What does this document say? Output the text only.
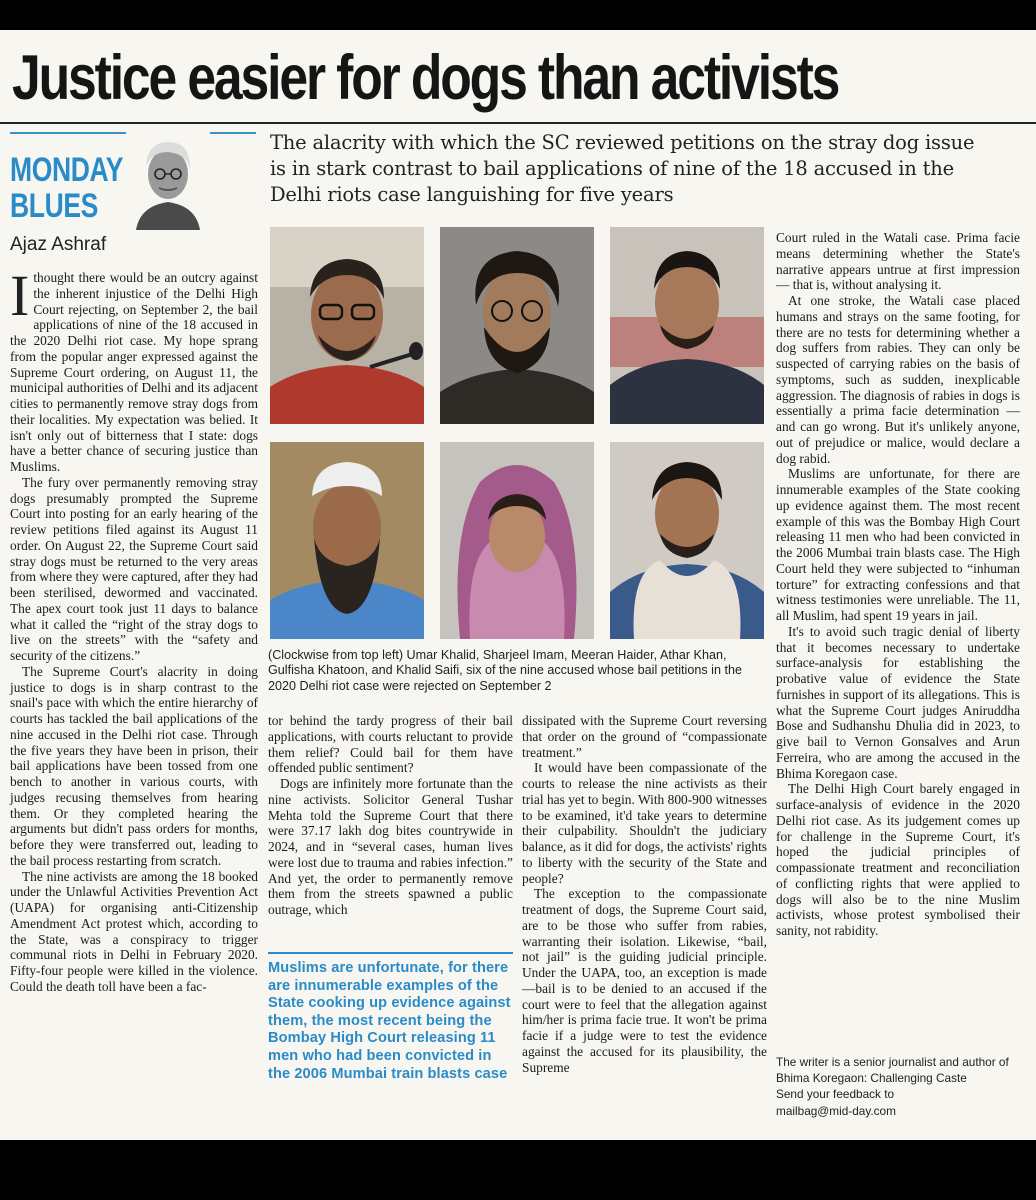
Justice easier for dogs than activists
MONDAY BLUES
Ajaz Ashraf
The alacrity with which the SC reviewed petitions on the stray dog issue is in stark contrast to bail applications of nine of the 18 accused in the Delhi riots case languishing for five years

Ithought there would be an outcry against the inherent injustice of the Delhi High Court rejecting, on September 2, the bail applications of nine of the 18 accused in the 2020 Delhi riot case. My hope sprang from the popular anger expressed against the Supreme Court ordering, on August 11, the municipal authorities of Delhi and its adjacent cities to permanently remove stray dogs from their localities. My expectation was belied. It isn't only out of bitterness that I state: dogs have a better chance of securing justice than Muslims.

The fury over permanently removing stray dogs presumably prompted the Supreme Court into posting for an early hearing of the review petitions filed against its August 11 order. On August 22, the Supreme Court said stray dogs must be returned to the very areas from where they were captured, after they had been sterilised, dewormed and vaccinated. The apex court took just 11 days to balance what it called the “right of the stray dogs to live on the streets” with the “safety and security of the citizens.”

The Supreme Court's alacrity in doing justice to dogs is in sharp contrast to the snail's pace with which the entire hierarchy of courts has tackled the bail applications of the nine accused in the Delhi riot case. Through the five years they have been in prison, their bail applications have been tossed from one bench to another in various courts, with judges recusing themselves from hearing them. Or they completed hearing the arguments but didn't pass orders for months, before they were transferred out, leading to the bail process restarting from scratch.

The nine activists are among the 18 booked under the Unlawful Activities Prevention Act (UAPA) for organising anti-Citizenship Amendment Act protest which, according to the State, was a conspiracy to trigger communal riots in Delhi in February 2020. Fifty-four people were killed in the violence. Could the death toll have been a fac-

(Clockwise from top left) Umar Khalid, Sharjeel Imam, Meeran Haider, Athar Khan, Gulfisha Khatoon, and Khalid Saifi, six of the nine accused whose bail petitions in the 2020 Delhi riot case were rejected on September 2

tor behind the tardy progress of their bail applications, with courts reluctant to provide them relief? Could bail for them have offended public sentiment?

Dogs are infinitely more fortunate than the nine activists. Solicitor General Tushar Mehta told the Supreme Court that there were 37.17 lakh dog bites countrywide in 2024, and in “several cases, human lives were lost due to trauma and rabies infection.” And yet, the order to permanently remove them from the streets spawned a public outrage, which

Muslims are unfortunate, for there are innumerable examples of the State cooking up evidence against them, the most recent being the Bombay High Court releasing 11 men who had been convicted in the 2006 Mumbai train blasts case

dissipated with the Supreme Court reversing that order on the ground of “compassionate treatment.”

It would have been compassionate of the courts to release the nine activists as their trial has yet to begin. With 800-900 witnesses to be examined, it'd take years to determine their culpability. Shouldn't the judiciary balance, as it did for dogs, the activists' rights to liberty with the security of the State and people?

The exception to the compassionate treatment of dogs, the Supreme Court said, are to be those who suffer from rabies, warranting their isolation. Likewise, “bail, not jail” is the guiding judicial principle. Under the UAPA, too, an exception is made —bail is to be denied to an accused if the court were to feel that the allegation against him/her is prima facie true. It won't be prima facie if a judge were to test the evidence against the accused for its plausibility, the Supreme

Court ruled in the Watali case. Prima facie means determining whether the State's narrative appears untrue at first impression — that is, without analysing it.

At one stroke, the Watali case placed humans and strays on the same footing, for there are no tests for determining whether a dog suffers from rabies. They can only be suspected of carrying rabies on the basis of symptoms, such as sudden, inexplicable aggression. The diagnosis of rabies in dogs is essentially a prima facie determination — and can go wrong. But it's unlikely anyone, out of prejudice or malice, would declare a dog rabid.

Muslims are unfortunate, for there are innumerable examples of the State cooking up evidence against them. The most recent example of this was the Bombay High Court releasing 11 men who had been convicted in the 2006 Mumbai train blasts case. The High Court held they were subjected to “inhuman torture” for extracting confessions and that witness testimonies were unreliable. The 11, all Muslim, had spent 19 years in jail.

It's to avoid such tragic denial of liberty that it becomes necessary to undertake surface-analysis for establishing the probative value of evidence the State furnishes in support of its allegations. This is what the Supreme Court judges Aniruddha Bose and Sudhanshu Dhulia did in 2023, to give bail to Vernon Gonsalves and Arun Ferreira, who are among the accused in the Bhima Koregaon case.

The Delhi High Court barely engaged in surface-analysis of evidence in the 2020 Delhi riot case. As its judgement comes up for challenge in the Supreme Court, it's hoped the judicial principles of compassionate treatment and reconciliation of conflicting rights that were applied to dogs will also be to the nine Muslim activists, whose protest symbolised their sanity, not rabidity.

The writer is a senior journalist and author of Bhima Koregaon: Challenging Caste
Send your feedback to
mailbag@mid-day.com
